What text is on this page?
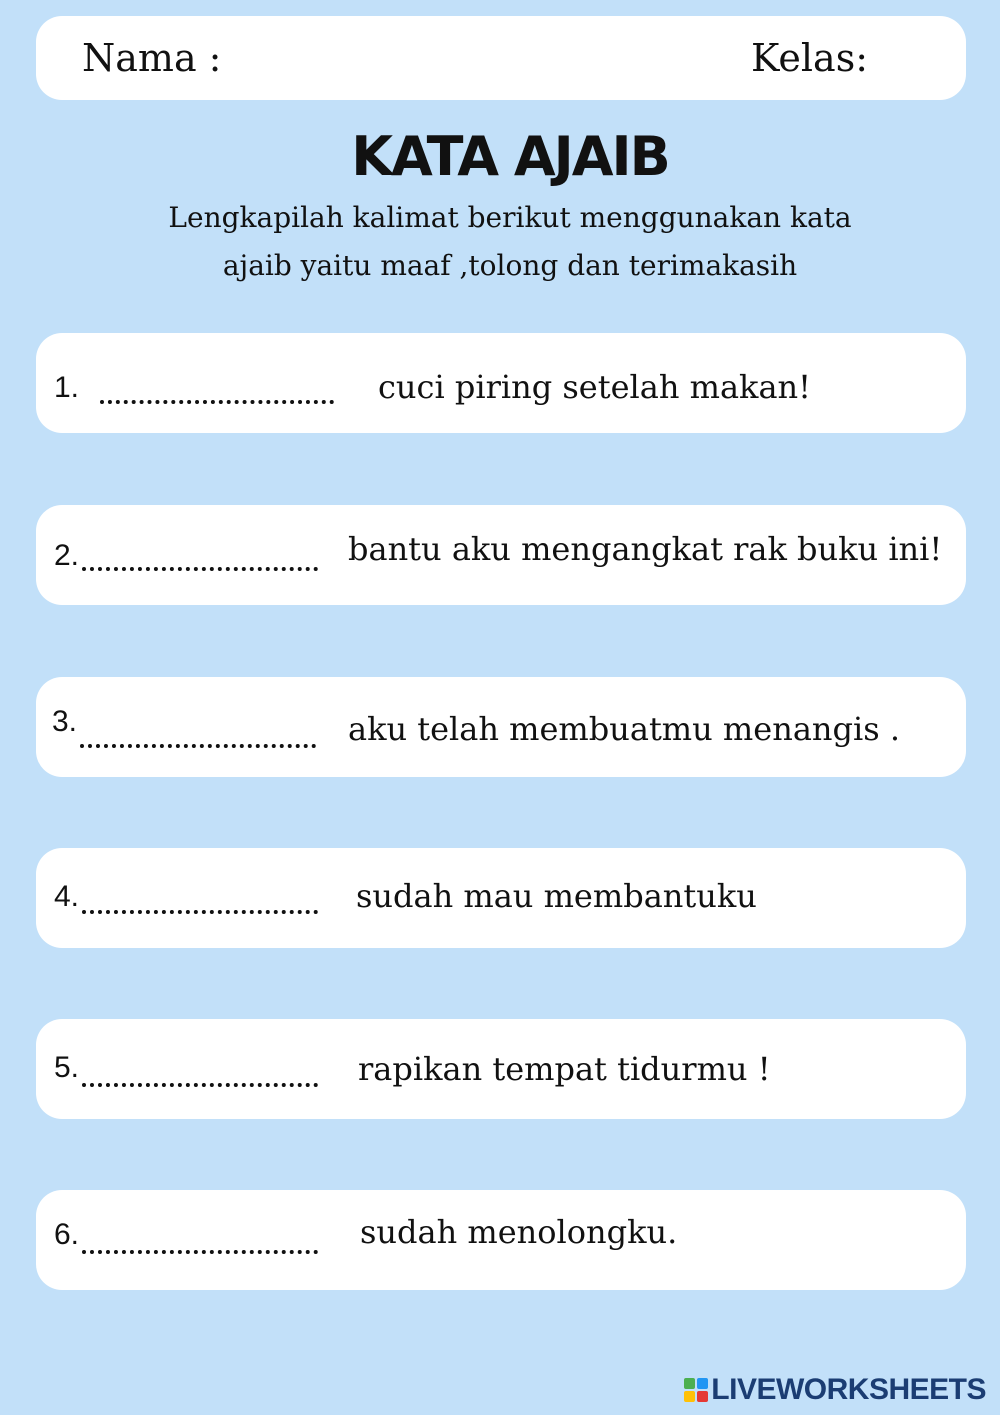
Nama :	Kelas:
KATA AJAIB
Lengkapilah kalimat berikut menggunakan kata
ajaib yaitu maaf ,tolong dan terimakasih
1.	cuci piring setelah makan!
2.	bantu aku mengangkat rak buku ini!
3.	aku telah membuatmu menangis .
4.	sudah mau membantuku
5.	rapikan tempat tidurmu !
6.	sudah menolongku.
LIVEWORKSHEETS
